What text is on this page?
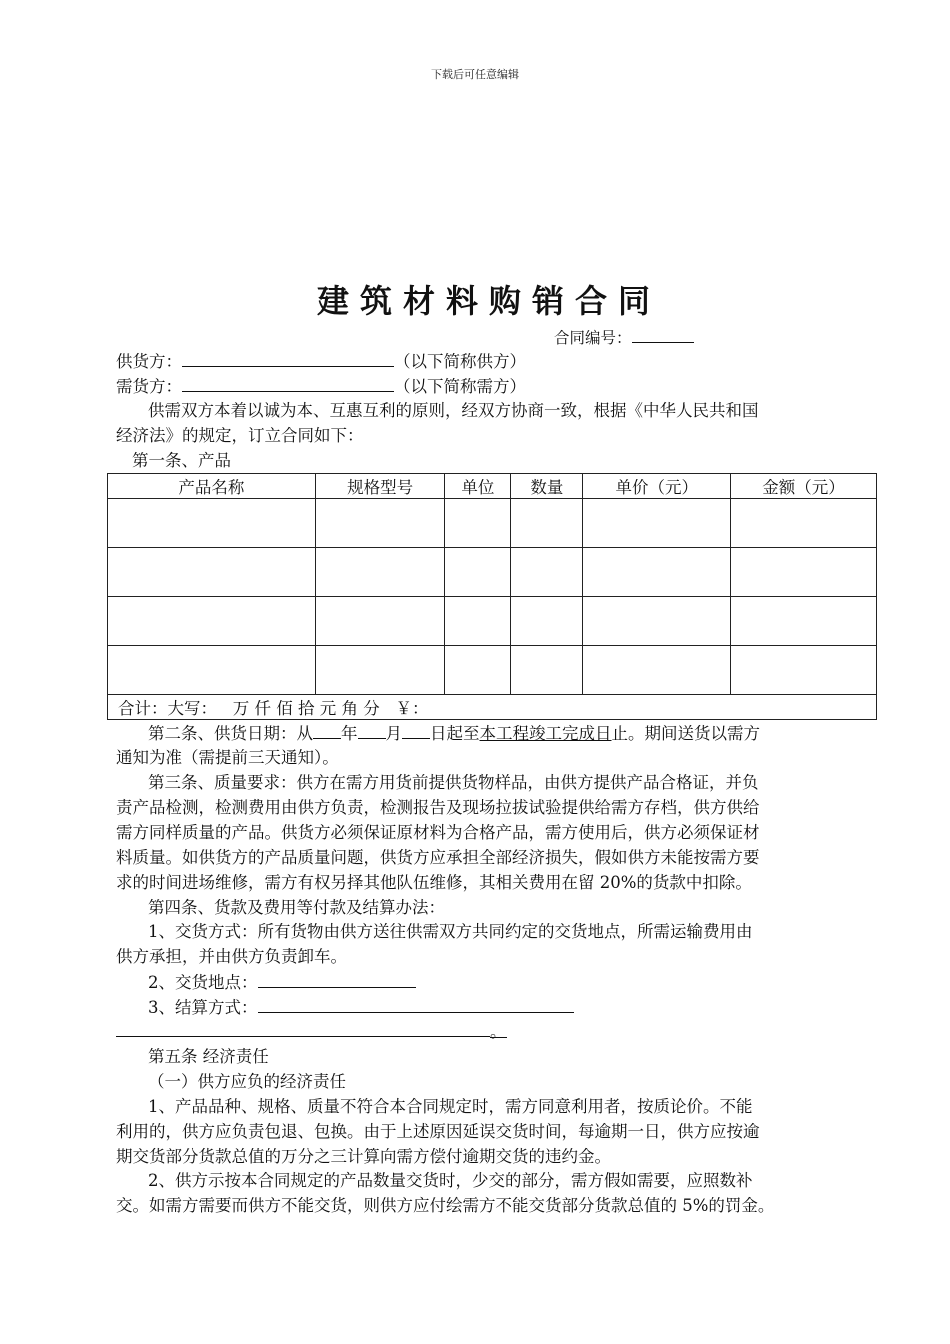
下载后可任意编辑
建筑材料购销合同
合同编号：
供货方：	（以下简称供方）
需货方：	（以下简称需方）
供需双方本着以诚为本、互惠互利的原则，经双方协商一致，根据《中华人民共和国
经济法》的规定，订立合同如下：
第一条、产品
产品名称	规格型号	单位	数量	单价（元）	金额（元）

合计：大写： 万 仟 佰 拾 元 角 分 ￥：					
第二条、供货日期：从 年 月 日起至本工程竣工完成日止。期间送货以需方
通知为准（需提前三天通知）。
第三条、质量要求：供方在需方用货前提供货物样品，由供方提供产品合格证，并负
责产品检测，检测费用由供方负责，检测报告及现场拉拔试验提供给需方存档，供方供给
需方同样质量的产品。供货方必须保证原材料为合格产品，需方使用后，供方必须保证材
料质量。如供货方的产品质量问题，供货方应承担全部经济损失，假如供方未能按需方要
求的时间进场维修，需方有权另择其他队伍维修，其相关费用在留 20%的货款中扣除。
第四条、货款及费用等付款及结算办法：
1、交货方式：所有货物由供方送往供需双方共同约定的交货地点，所需运输费用由
供方承担，并由供方负责卸车。
2、交货地点：
3、结算方式：
。
第五条 经济责任
（一）供方应负的经济责任
1、产品品种、规格、质量不符合本合同规定时，需方同意利用者，按质论价。不能
利用的，供方应负责包退、包换。由于上述原因延误交货时间，每逾期一日，供方应按逾
期交货部分货款总值的万分之三计算向需方偿付逾期交货的违约金。
2、供方示按本合同规定的产品数量交货时，少交的部分，需方假如需要，应照数补
交。如需方需要而供方不能交货，则供方应付绘需方不能交货部分货款总值的 5%的罚金。
